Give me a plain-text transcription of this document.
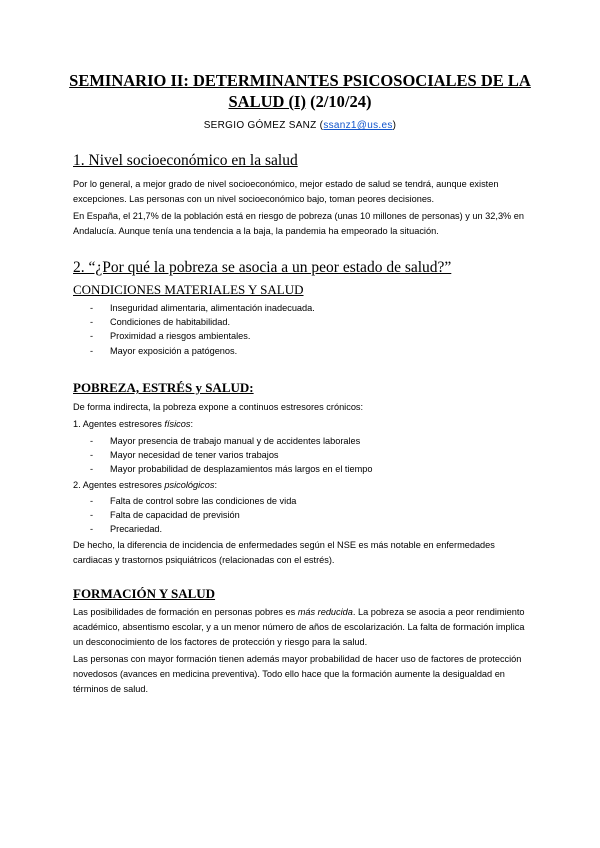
SEMINARIO II: DETERMINANTES PSICOSOCIALES DE LA
SALUD (I) (2/10/24)
SERGIO GÓMEZ SANZ (ssanz1@us.es)
1. Nivel socioeconómico en la salud

Por lo general, a mejor grado de nivel socioeconómico, mejor estado de salud se tendrá, aunque existen excepciones. Las personas con un nivel socioeconómico bajo, toman peores decisiones.

En España, el 21,7% de la población está en riesgo de pobreza (unas 10 millones de personas) y un 32,3% en Andalucía. Aunque tenía una tendencia a la baja, la pandemia ha empeorado la situación.

2. “¿Por qué la pobreza se asocia a un peor estado de salud?”
CONDICIONES MATERIALES Y SALUD
- Inseguridad alimentaria, alimentación inadecuada.
- Condiciones de habitabilidad.
- Proximidad a riesgos ambientales.
- Mayor exposición a patógenos.
POBREZA, ESTRÉS y SALUD:

De forma indirecta, la pobreza expone a continuos estresores crónicos:

1. Agentes estresores físicos:

- Mayor presencia de trabajo manual y de accidentes laborales
- Mayor necesidad de tener varios trabajos
- Mayor probabilidad de desplazamientos más largos en el tiempo

2. Agentes estresores psicológicos:

- Falta de control sobre las condiciones de vida
- Falta de capacidad de previsión
- Precariedad.

De hecho, la diferencia de incidencia de enfermedades según el NSE es más notable en enfermedades cardiacas y trastornos psiquiátricos (relacionadas con el estrés).

FORMACIÓN Y SALUD

Las posibilidades de formación en personas pobres es más reducida. La pobreza se asocia a peor rendimiento académico, absentismo escolar, y a un menor número de años de escolarización. La falta de formación implica un desconocimiento de los factores de protección y riesgo para la salud.

Las personas con mayor formación tienen además mayor probabilidad de hacer uso de factores de protección novedosos (avances en medicina preventiva). Todo ello hace que la formación aumente la desigualdad en términos de salud.
